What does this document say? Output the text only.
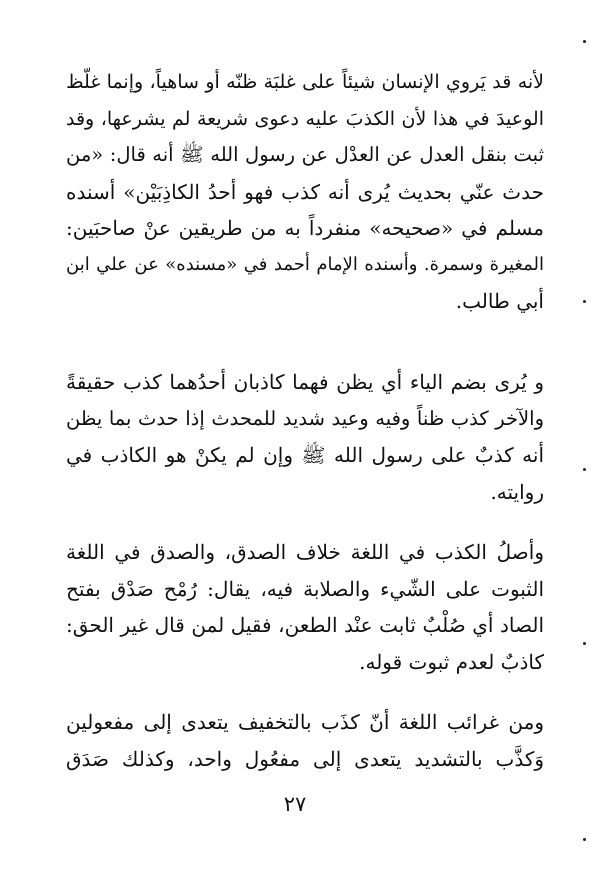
لأنه قد يَروي الإنسان شيئاً على غلبَة ظنّه أو ساهياً، وإنما غلّظ
الوعيدَ في هذا لأن الكذبَ عليه دعوى شريعة لم يشرعها، وقد
ثبت بنقل العدل عن العدْل عن رسول الله ﷺ أنه قال: «من
حدث عنّي بحديث يُرى أنه كذب فهو أحدُ الكاذِبَيْن» أسنده
مسلم في «صحيحه» منفرداً به من طريقين عنْ صاحبَين:
المغيرة وسمرة. وأسنده الإمام أحمد في «مسنده» عن علي ابن
أبي طالب.
و يُرى بضم الياء أي يظن فهما كاذبان أحدُهما كذب حقيقةً
والآخر كذب ظناً وفيه وعيد شديد للمحدث إذا حدث بما يظن
أنه كذبٌ على رسول الله ﷺ وإن لم يكنْ هو الكاذب في
روايته.
وأصلُ الكذب في اللغة خلاف الصدق، والصدق في اللغة
الثبوت على الشّيء والصلابة فيه، يقال: رُمْح صَدْق بفتح
الصاد أي صُلْبٌ ثابت عنْد الطعن، فقيل لمن قال غير الحق:
كاذبٌ لعدم ثبوت قوله.
ومن غرائب اللغة أنّ كذَب بالتخفيف يتعدى إلى مفعولين
وَكذَّب بالتشديد يتعدى إلى مفعُول واحد، وكذلك صَدَق
٢٧
